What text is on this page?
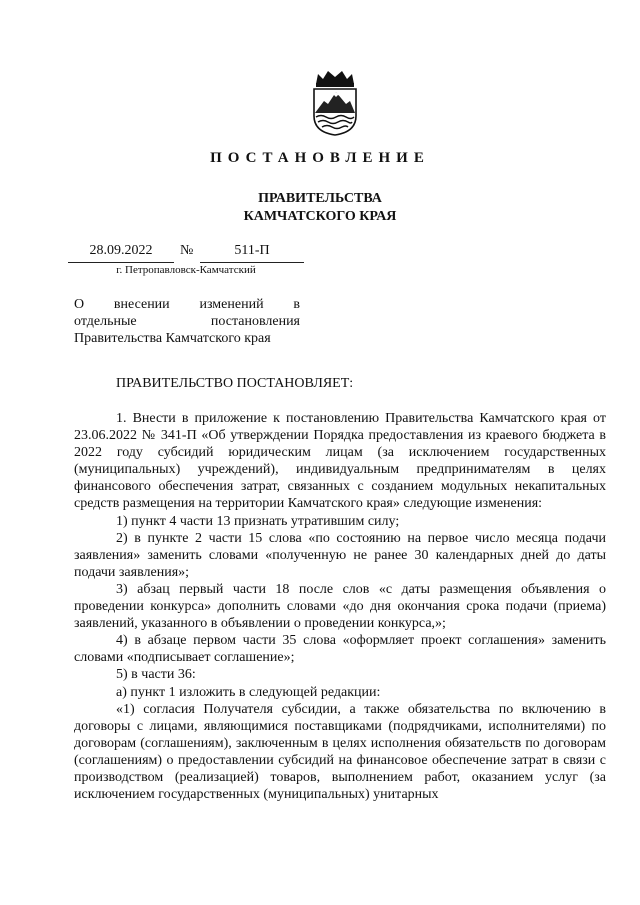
ПОСТАНОВЛЕНИЕ
ПРАВИТЕЛЬСТВА
КАМЧАТСКОГО КРАЯ
28.09.2022	№	511-П
г. Петропавловск-Камчатский
О внесении изменений в
отдельные постановления
Правительства Камчатского края
ПРАВИТЕЛЬСТВО ПОСТАНОВЛЯЕТ:

1. Внести в приложение к постановлению Правительства Камчатского края от 23.06.2022 № 341-П «Об утверждении Порядка предоставления из краевого бюджета в 2022 году субсидий юридическим лицам (за исключением государственных (муниципальных) учреждений), индивидуальным предпринимателям в целях финансового обеспечения затрат, связанных с созданием модульных некапитальных средств размещения на территории Камчатского края» следующие изменения:

1) пункт 4 части 13 признать утратившим силу;

2) в пункте 2 части 15 слова «по состоянию на первое число месяца подачи заявления» заменить словами «полученную не ранее 30 календарных дней до даты подачи заявления»;

3) абзац первый части 18 после слов «с даты размещения объявления о проведении конкурса» дополнить словами «до дня окончания срока подачи (приема) заявлений, указанного в объявлении о проведении конкурса,»;

4) в абзаце первом части 35 слова «оформляет проект соглашения» заменить словами «подписывает соглашение»;

5) в части 36:

а) пункт 1 изложить в следующей редакции:

«1) согласия Получателя субсидии, а также обязательства по включению в договоры с лицами, являющимися поставщиками (подрядчиками, исполнителями) по договорам (соглашениям), заключенным в целях исполнения обязательств по договорам (соглашениям) о предоставлении субсидий на финансовое обеспечение затрат в связи с производством (реализацией) товаров, выполнением работ, оказанием услуг (за исключением государственных (муниципальных) унитарных
